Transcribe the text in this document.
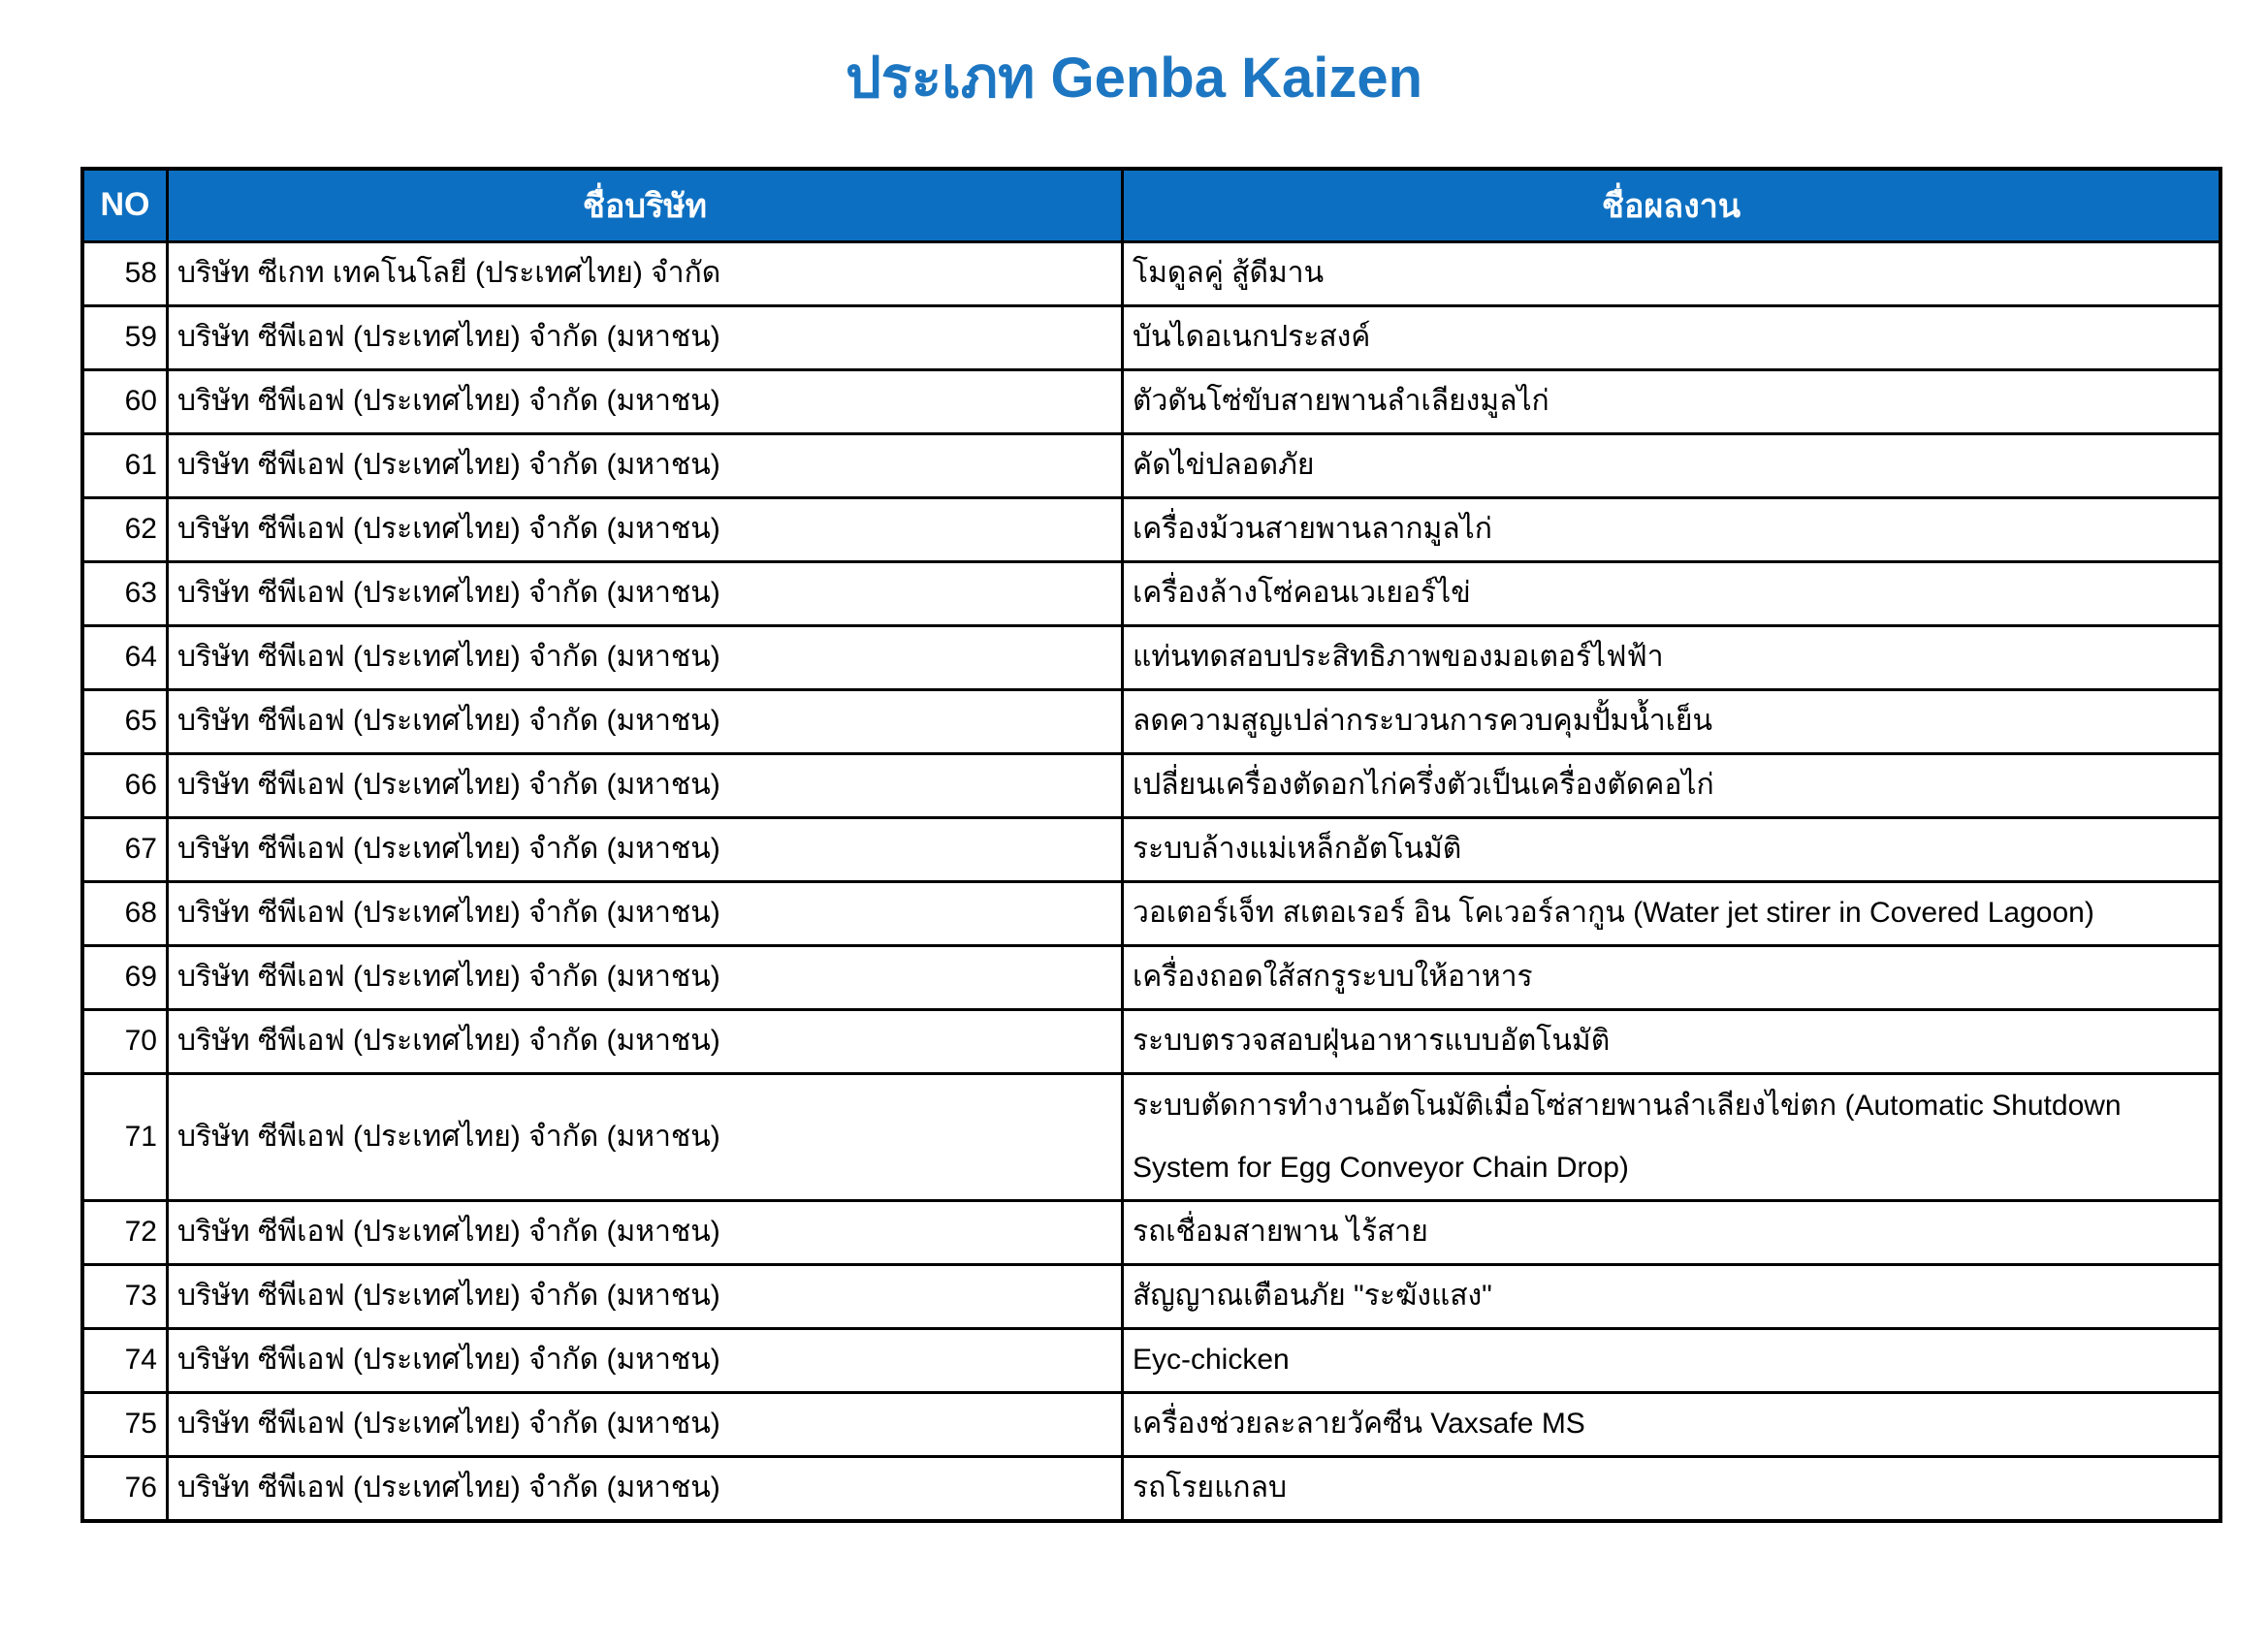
ประเภท Genba Kaizen
NO	ชื่อบริษัท	ชื่อผลงาน
58	บริษัท ซีเกท เทคโนโลยี (ประเทศไทย) จำกัด	โมดูลคู่ สู้ดีมาน
59	บริษัท ซีพีเอฟ (ประเทศไทย) จำกัด (มหาชน)	บันไดอเนกประสงค์
60	บริษัท ซีพีเอฟ (ประเทศไทย) จำกัด (มหาชน)	ตัวดันโซ่ขับสายพานลำเลียงมูลไก่
61	บริษัท ซีพีเอฟ (ประเทศไทย) จำกัด (มหาชน)	คัดไข่ปลอดภัย
62	บริษัท ซีพีเอฟ (ประเทศไทย) จำกัด (มหาชน)	เครื่องม้วนสายพานลากมูลไก่
63	บริษัท ซีพีเอฟ (ประเทศไทย) จำกัด (มหาชน)	เครื่องล้างโซ่คอนเวเยอร์ไข่
64	บริษัท ซีพีเอฟ (ประเทศไทย) จำกัด (มหาชน)	แท่นทดสอบประสิทธิภาพของมอเตอร์ไฟฟ้า
65	บริษัท ซีพีเอฟ (ประเทศไทย) จำกัด (มหาชน)	ลดความสูญเปล่ากระบวนการควบคุมปั้มน้ำเย็น
66	บริษัท ซีพีเอฟ (ประเทศไทย) จำกัด (มหาชน)	เปลี่ยนเครื่องตัดอกไก่ครึ่งตัวเป็นเครื่องตัดคอไก่
67	บริษัท ซีพีเอฟ (ประเทศไทย) จำกัด (มหาชน)	ระบบล้างแม่เหล็กอัตโนมัติ
68	บริษัท ซีพีเอฟ (ประเทศไทย) จำกัด (มหาชน)	วอเตอร์เจ็ท สเตอเรอร์ อิน โคเวอร์ลากูน (Water jet stirer in Covered Lagoon)
69	บริษัท ซีพีเอฟ (ประเทศไทย) จำกัด (มหาชน)	เครื่องถอดใส้สกรูระบบให้อาหาร
70	บริษัท ซีพีเอฟ (ประเทศไทย) จำกัด (มหาชน)	ระบบตรวจสอบฝุ่นอาหารแบบอัตโนมัติ
71	บริษัท ซีพีเอฟ (ประเทศไทย) จำกัด (มหาชน)	ระบบตัดการทำงานอัตโนมัติเมื่อโซ่สายพานลำเลียงไข่ตก (Automatic Shutdown System for Egg Conveyor Chain Drop)
72	บริษัท ซีพีเอฟ (ประเทศไทย) จำกัด (มหาชน)	รถเชื่อมสายพาน ไร้สาย
73	บริษัท ซีพีเอฟ (ประเทศไทย) จำกัด (มหาชน)	สัญญาณเตือนภัย "ระฆังแสง"
74	บริษัท ซีพีเอฟ (ประเทศไทย) จำกัด (มหาชน)	Eyc-chicken
75	บริษัท ซีพีเอฟ (ประเทศไทย) จำกัด (มหาชน)	เครื่องช่วยละลายวัคซีน Vaxsafe MS
76	บริษัท ซีพีเอฟ (ประเทศไทย) จำกัด (มหาชน)	รถโรยแกลบ
